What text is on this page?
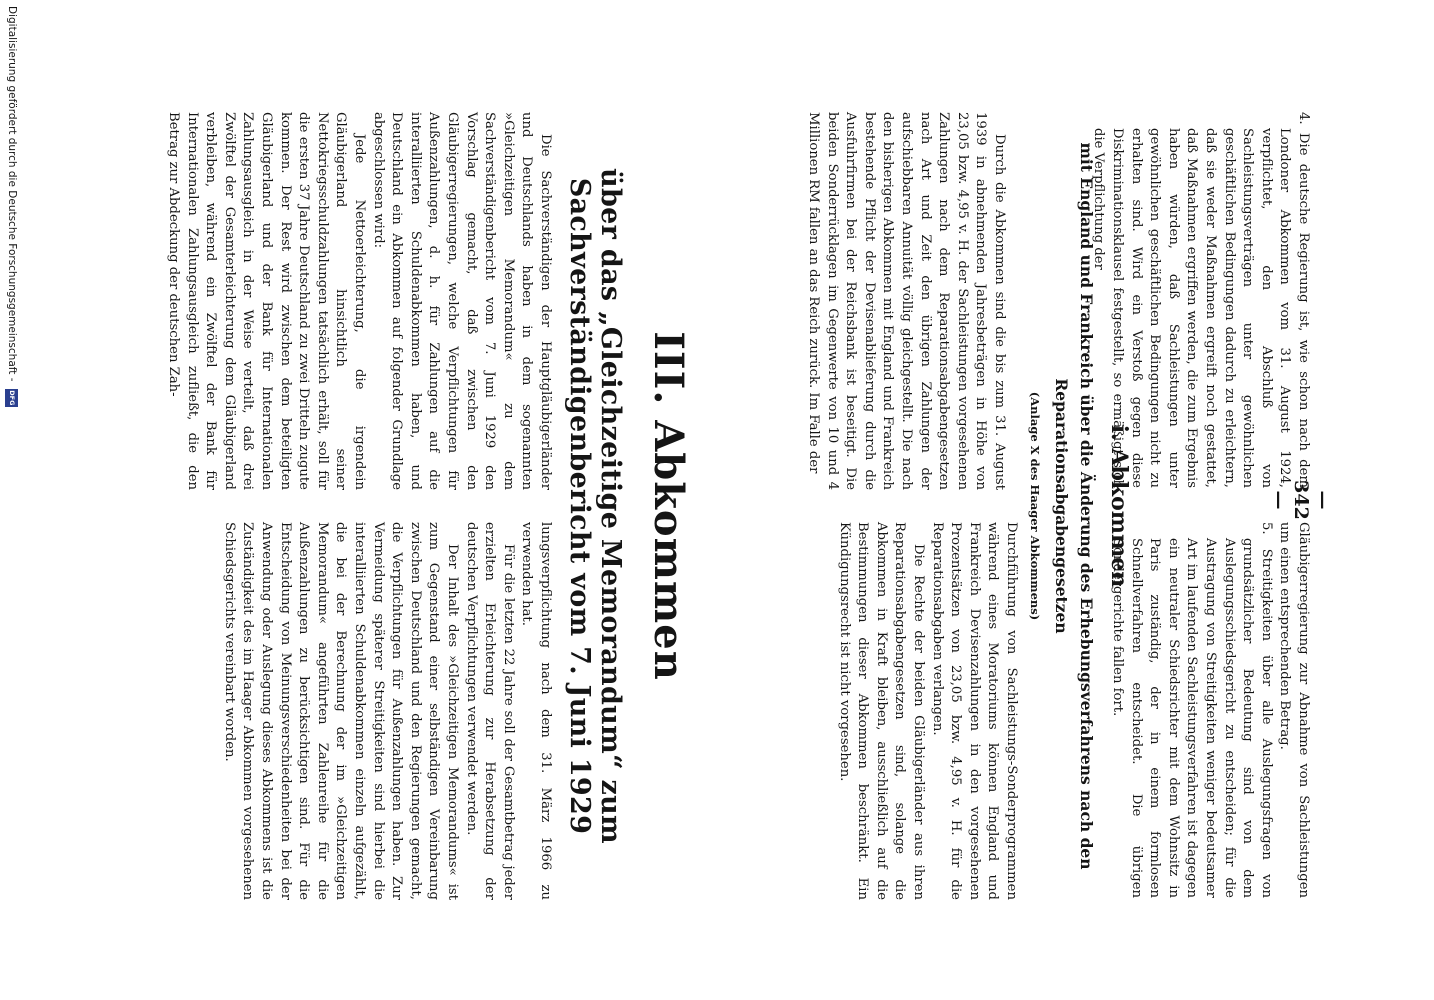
— 342 —

4. Die deutsche Regierung ist, wie schon nach dem Londoner Abkommen vom 31. August 1924, verpflichtet, den Abschluß von Sachleistungsverträgen unter gewöhnlichen geschäftlichen Bedingungen dadurch zu erleichtern, daß sie weder Maßnahmen ergreift noch gestattet, daß Maßnahmen ergriffen werden, die zum Ergebnis haben würden, daß Sachleistungen unter gewöhnlichen geschäftlichen Bedingungen nicht zu erhalten sind. Wird ein Verstoß gegen diese Diskriminationsklausel festgestellt, so ermäßigt sich die Verpflichtung der

Gläubigerregierung zur Abnahme von Sachleistungen um einen entsprechenden Betrag.

5. Streitigkeiten über alle Auslegungsfragen von grundsätzlicher Bedeutung sind von dem Auslegungsschiedsgericht zu entscheiden; für die Austragung von Streitigkeiten weniger bedeutsamer Art im laufenden Sachleistungsverfahren ist dagegen ein neutraler Schiedsrichter mit dem Wohnsitz in Paris zuständig, der in einem formlosen Schnellverfahren entscheidet. Die übrigen Sondergerichte fallen fort.

i. Abkommen
mit England und Frankreich über die Änderung des Erhebungsverfahrens nach den
Reparationsabgabengesetzen
(Anlage X des Haager Abkommens)

Durch die Abkommen sind die bis zum 31. August 1939 in abnehmenden Jahresbeträgen in Höhe von 23,05 bzw. 4,95 v. H. der Sachleistungen vorgesehenen Zahlungen nach dem Reparationsabgabengesetzen nach Art und Zeit den übrigen Zahlungen der aufschiebbaren Annuität völlig gleichgestellt. Die nach den bisherigen Abkommen mit England und Frankreich bestehende Pflicht der Devisenablieferung durch die Ausfuhrfirmen bei der Reichsbank ist beseitigt. Die beiden Sonderrücklagen im Gegenwerte von 10 und 4 Millionen RM fallen an das Reich zurück. Im Falle der

Durchführung von Sachleistungs-Sonderprogrammen während eines Moratoriums können England und Frankreich Devisenzahlungen in den vorgesehenen Prozentsätzen von 23,05 bzw. 4,95 v. H. für die Reparationsabgaben verlangen.

Die Rechte der beiden Gläubigerländer aus ihren Reparationsabgabengesetzen sind, solange die Abkommen in Kraft bleiben, ausschließlich auf die Bestimmungen dieser Abkommen beschränkt. Ein Kündigungsrecht ist nicht vorgesehen.

III. Abkommen
über das „Gleichzeitige Memorandum“ zum Sachverständigenbericht vom 7. Juni 1929

Die Sachverständigen der Hauptgläubigerländer und Deutschlands haben in dem sogenannten »Gleichzeitigen Memorandum« zu dem Sachverständigenbericht vom 7. Juni 1929 den Vorschlag gemacht, daß zwischen den Gläubigerregierungen, welche Verpflichtungen für Außenzahlungen, d. h. für Zahlungen auf die interalliierten Schuldenabkommen haben, und Deutschland ein Abkommen auf folgender Grundlage abgeschlossen wird:

Jede Nettoerleichterung, die irgendein Gläubigerland hinsichtlich seiner Nettokriegsschuldzahlungen tatsächlich erhält, soll für die ersten 37 Jahre Deutschland zu zwei Dritteln zugute kommen. Der Rest wird zwischen dem beteiligten Gläubigerland und der Bank für Internationalen Zahlungsausgleich in der Weise verteilt, daß drei Zwölftel der Gesamterleichterung dem Gläubigerland verbleiben, während ein Zwölftel der Bank für Internationalen Zahlungsausgleich zufließt, die den Betrag zur Abdeckung der deutschen Zah-

lungsverpflichtung nach dem 31. März 1966 zu verwenden hat.

Für die letzten 22 Jahre soll der Gesamtbetrag jeder erzielten Erleichterung zur Herabsetzung der deutschen Verpflichtungen verwendet werden.

Der Inhalt des »Gleichzeitigen Memorandums« ist zum Gegenstand einer selbständigen Vereinbarung zwischen Deutschland und den Regierungen gemacht, die Verpflichtungen für Außenzahlungen haben. Zur Vermeidung späterer Streitigkeiten sind hierbei die interalliierten Schuldenabkommen einzeln aufgezählt, die bei der Berechnung der im »Gleichzeitigen Memorandum« angeführten Zahlenreihe für die Außenzahlungen zu berücksichtigen sind. Für die Entscheidung von Meinungsverschiedenheiten bei der Anwendung oder Auslegung dieses Abkommens ist die Zuständigkeit des im Haager Abkommen vorgesehenen Schiedsgerichts vereinbart worden.

Digitalisierung gefördert durch die Deutsche Forschungsgemeinschaft - DFG
